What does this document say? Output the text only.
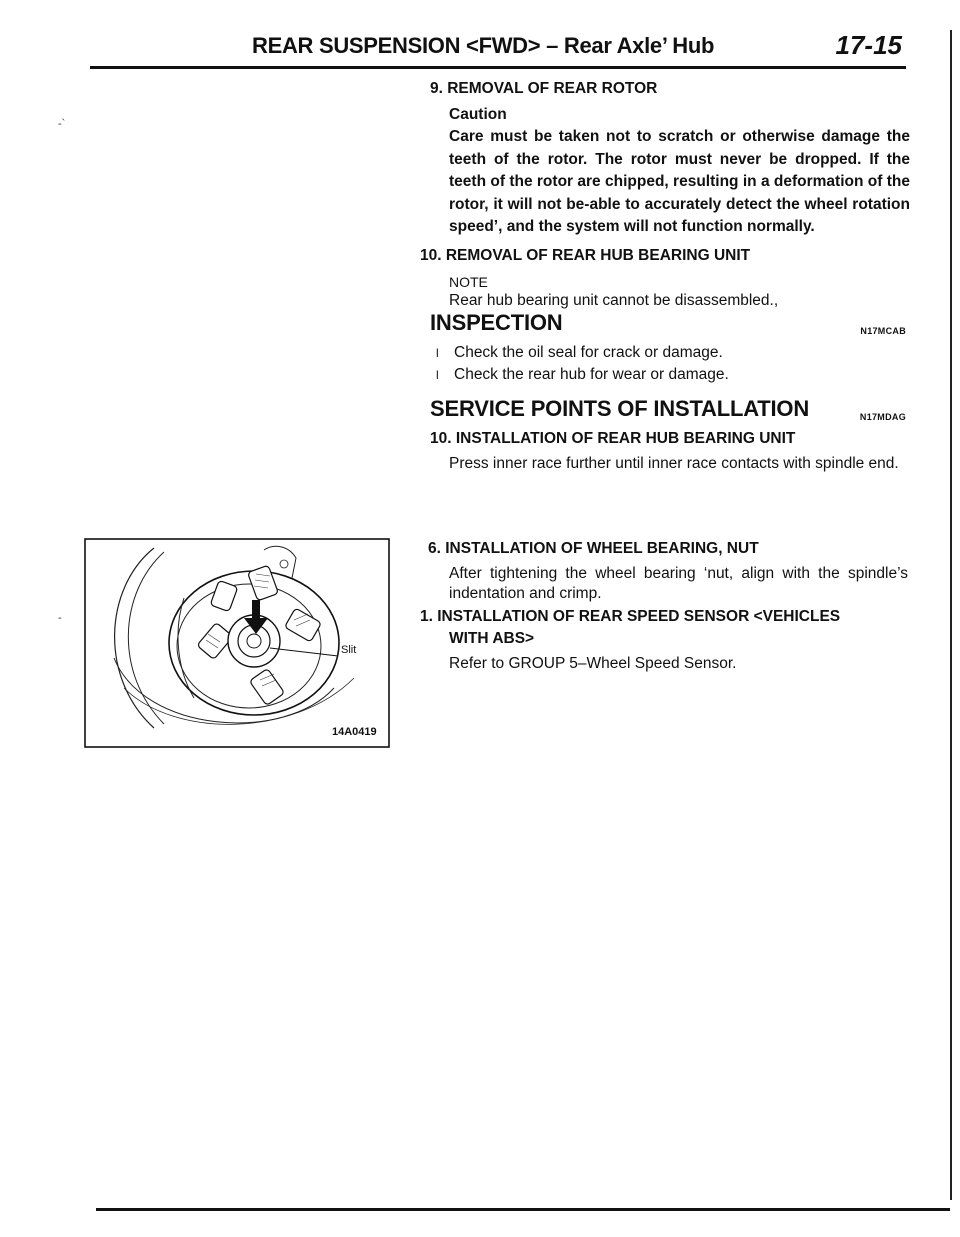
REAR SUSPENSION <FWD> – Rear Axle’ Hub	17-15
-`
-
9. REMOVAL OF REAR ROTOR
Caution

Care must be taken not to scratch or otherwise damage the teeth of the rotor. The rotor must never be dropped. If the teeth of the rotor are chipped, resulting in a deformation of the rotor, it will not be-able to accurately detect the wheel rotation speed’, and the system will not function normally.

10. REMOVAL OF REAR HUB BEARING UNIT
NOTE

Rear hub bearing unit cannot be disassembled.,

INSPECTION	N17MCAB
l Check the oil seal for crack or damage.
l Check the rear hub for wear or damage.
SERVICE POINTS OF INSTALLATION	N17MDAG
10. INSTALLATION OF REAR HUB BEARING UNIT

Press inner race further until inner race contacts with spindle end.

6. INSTALLATION OF WHEEL BEARING, NUT

After tightening the wheel bearing ‘nut, align with the spindle’s indentation and crimp.

1. INSTALLATION OF REAR SPEED SENSOR <VEHICLES
WITH ABS>

Refer to GROUP 5–Wheel Speed Sensor.

Slit
14A0419
